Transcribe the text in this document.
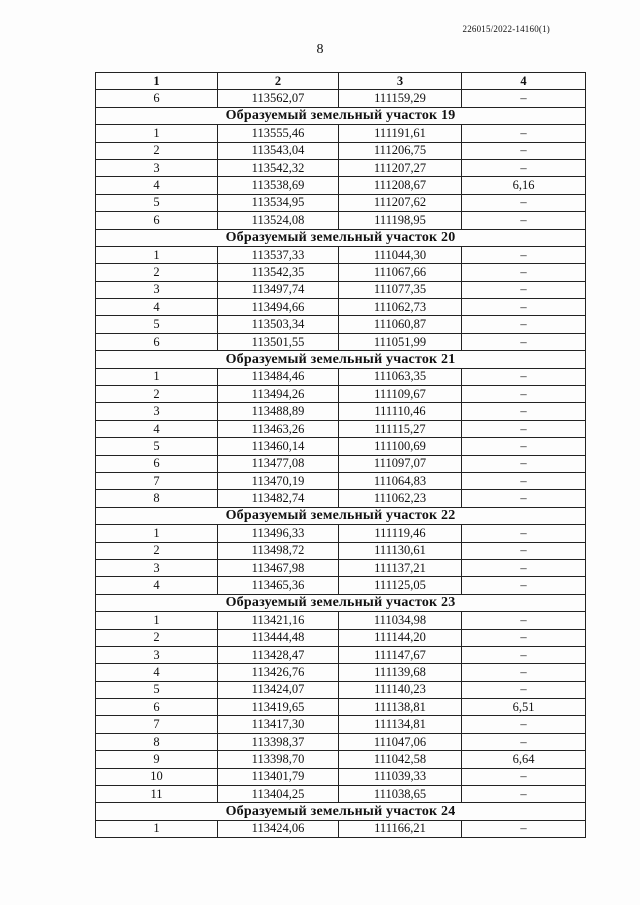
226015/2022-14160(1)
8
1	2	3	4
6	113562,07	111159,29	–
Образуемый земельный участок 19			
1	113555,46	111191,61	–
2	113543,04	111206,75	–
3	113542,32	111207,27	–
4	113538,69	111208,67	6,16
5	113534,95	111207,62	–
6	113524,08	111198,95	–
Образуемый земельный участок 20			
1	113537,33	111044,30	–
2	113542,35	111067,66	–
3	113497,74	111077,35	–
4	113494,66	111062,73	–
5	113503,34	111060,87	–
6	113501,55	111051,99	–
Образуемый земельный участок 21			
1	113484,46	111063,35	–
2	113494,26	111109,67	–
3	113488,89	111110,46	–
4	113463,26	111115,27	–
5	113460,14	111100,69	–
6	113477,08	111097,07	–
7	113470,19	111064,83	–
8	113482,74	111062,23	–
Образуемый земельный участок 22			
1	113496,33	111119,46	–
2	113498,72	111130,61	–
3	113467,98	111137,21	–
4	113465,36	111125,05	–
Образуемый земельный участок 23			
1	113421,16	111034,98	–
2	113444,48	111144,20	–
3	113428,47	111147,67	–
4	113426,76	111139,68	–
5	113424,07	111140,23	–
6	113419,65	111138,81	6,51
7	113417,30	111134,81	–
8	113398,37	111047,06	–
9	113398,70	111042,58	6,64
10	113401,79	111039,33	–
11	113404,25	111038,65	–
Образуемый земельный участок 24			
1	113424,06	111166,21	–
